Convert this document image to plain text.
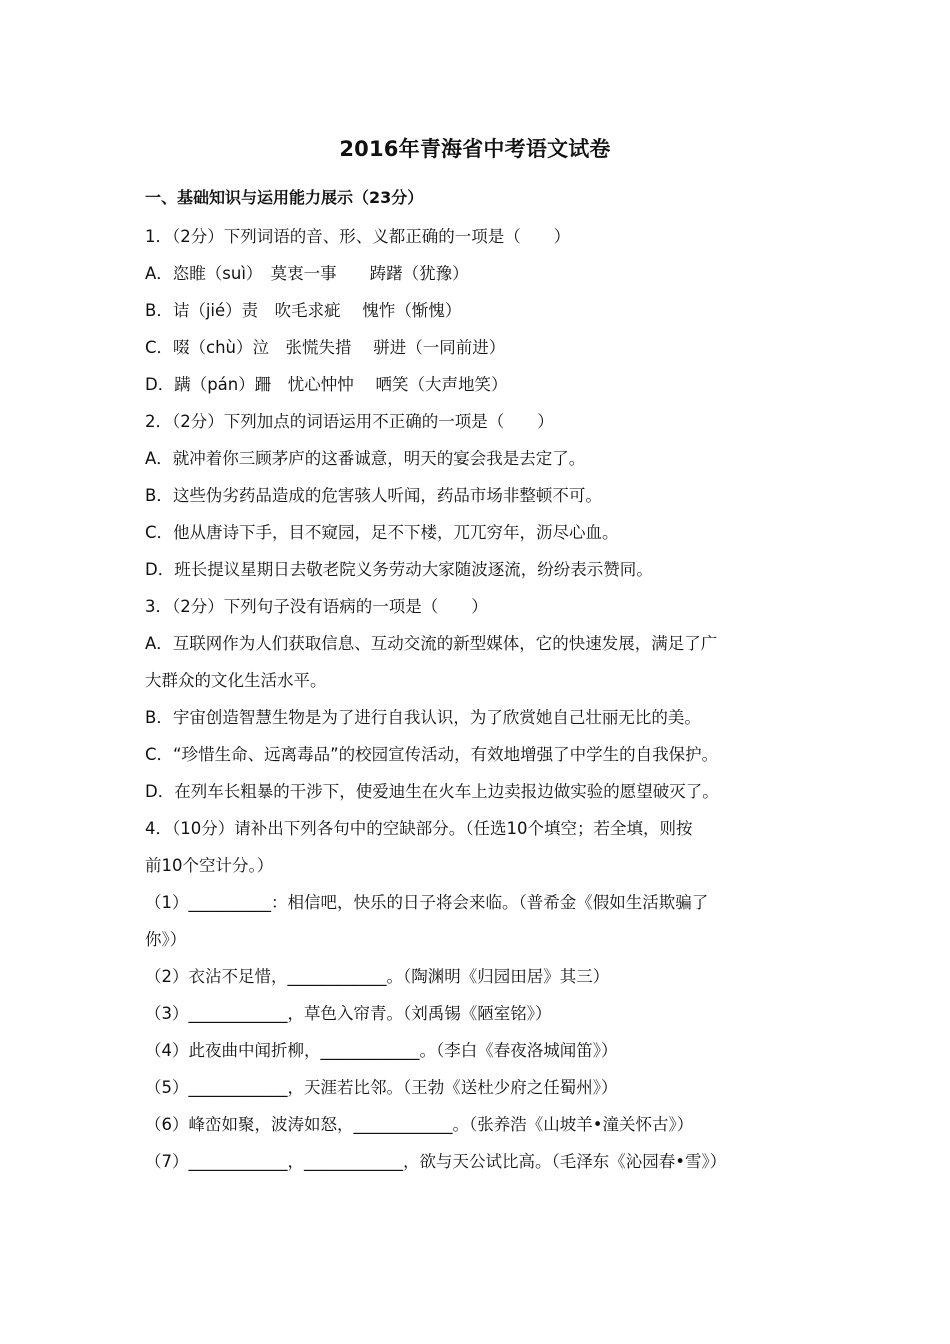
2016年青海省中考语文试卷
一、基础知识与运用能力展示（23分）
1．（2分）下列词语的音、形、义都正确的一项是（　　）
A．恣睢（suì）　莫衷一事　　踌躇（犹豫）
B．诘（jié）责　吹毛求疵　 愧怍（惭愧）
C．啜（chù）泣　张慌失措　 骈进（一同前进）
D．蹒（pán）跚　忧心忡忡　 哂笑（大声地笑）
2．（2分）下列加点的词语运用不正确的一项是（　　）
A．就冲着你三顾茅庐的这番诚意，明天的宴会我是去定了。
B．这些伪劣药品造成的危害骇人听闻，药品市场非整顿不可。
C．他从唐诗下手，目不窥园，足不下楼，兀兀穷年，沥尽心血。
D．班长提议星期日去敬老院义务劳动大家随波逐流，纷纷表示赞同。
3．（2分）下列句子没有语病的一项是（　　）
A．互联网作为人们获取信息、互动交流的新型媒体，它的快速发展，满足了广
大群众的文化生活水平。
B．宇宙创造智慧生物是为了进行自我认识，为了欣赏她自己壮丽无比的美。
C．“珍惜生命、远离毒品”的校园宣传活动，有效地增强了中学生的自我保护。
D．在列车长粗暴的干涉下，使爱迪生在火车上边卖报边做实验的愿望破灭了。
4．（10分）请补出下列各句中的空缺部分。（任选10个填空；若全填，则按
前10个空计分。）
（1）__________：相信吧，快乐的日子将会来临。（普希金《假如生活欺骗了
你》）
（2）衣沾不足惜，____________。（陶渊明《归园田居》其三）
（3）____________，草色入帘青。（刘禹锡《陋室铭》）
（4）此夜曲中闻折柳，____________。（李白《春夜洛城闻笛》）
（5）____________，天涯若比邻。（王勃《送杜少府之任蜀州》）
（6）峰峦如聚，波涛如怒，____________。（张养浩《山坡羊•潼关怀古》）
（7）____________，____________，欲与天公试比高。（毛泽东《沁园春•雪》）
